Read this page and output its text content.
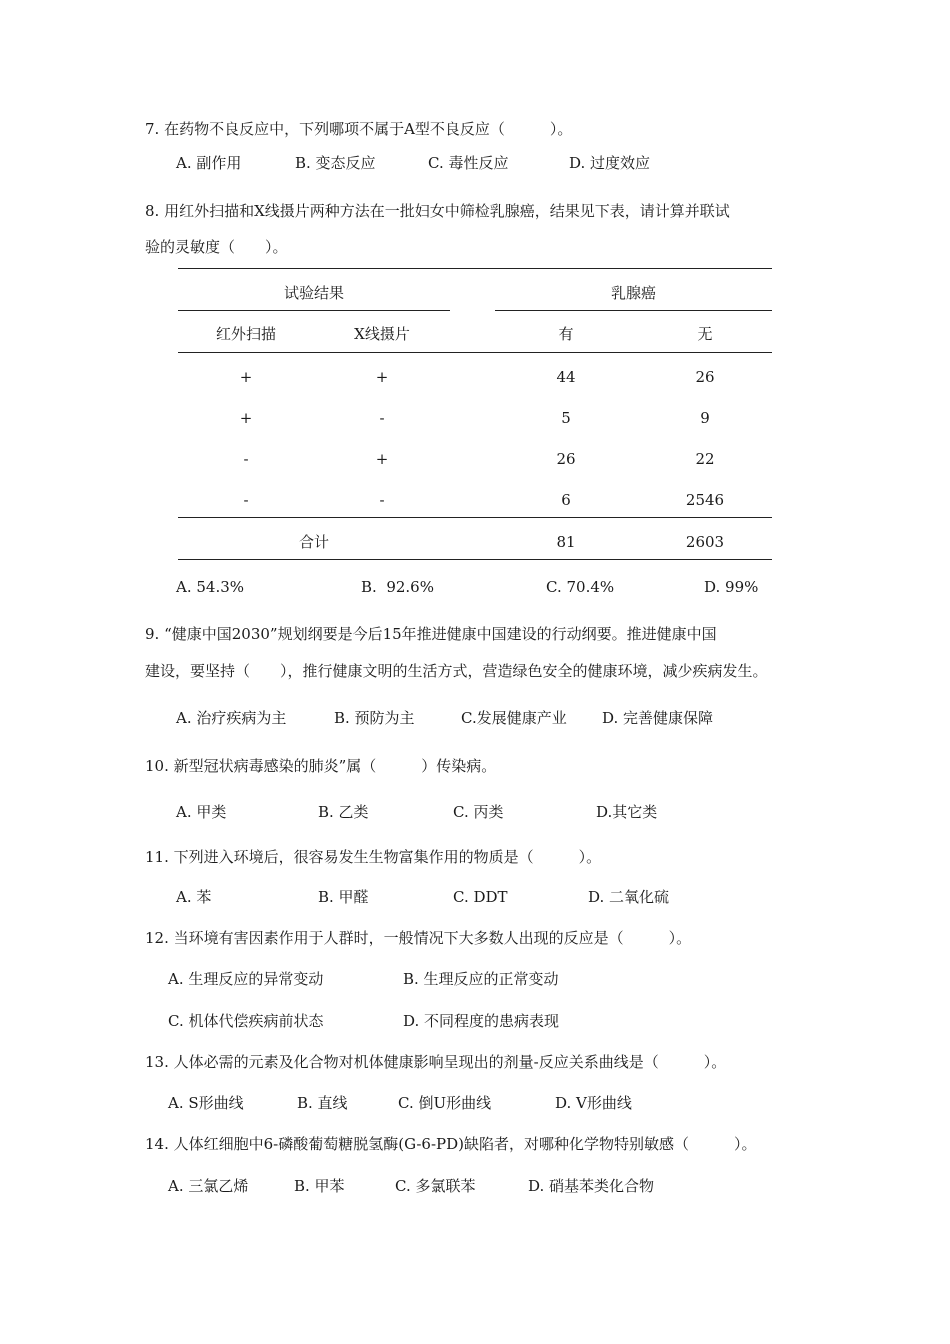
7. 在药物不良反应中，下列哪项不属于A型不良反应（　　　）。
A. 副作用	B. 变态反应	C. 毒性反应	D. 过度效应
8. 用红外扫描和X线摄片两种方法在一批妇女中筛检乳腺癌，结果见下表，请计算并联试
验的灵敏度（　　）。
试验结果	乳腺癌
红外扫描	X线摄片	有	无
+	+	44	26
+	-	5	9
-	+	26	22
-	-	6	2546
合计	81	2603
A. 54.3%	B.  92.6%	C. 70.4%	D. 99%
9. “健康中国2030”规划纲要是今后15年推进健康中国建设的行动纲要。推进健康中国
建设，要坚持（　　），推行健康文明的生活方式，营造绿色安全的健康环境，减少疾病发生。
A. 治疗疾病为主	B. 预防为主	C.发展健康产业 D. 完善健康保障
10. 新型冠状病毒感染的肺炎”属（　　　）传染病。
A. 甲类	B. 乙类	C. 丙类	D.其它类
11. 下列进入环境后，很容易发生生物富集作用的物质是（　　　）。
A. 苯	B. 甲醛	C. DDT	D. 二氧化硫
12. 当环境有害因素作用于人群时，一般情况下大多数人出现的反应是（　　　）。
A. 生理反应的异常变动	B. 生理反应的正常变动
C. 机体代偿疾病前状态	D. 不同程度的患病表现
13. 人体必需的元素及化合物对机体健康影响呈现出的剂量-反应关系曲线是（　　　）。
A. S形曲线	B. 直线	C. 倒U形曲线	D. V形曲线
14. 人体红细胞中6-磷酸葡萄糖脱氢酶(G-6-PD)缺陷者，对哪种化学物特别敏感（　　　）。
A. 三氯乙烯	B. 甲苯	C. 多氯联苯	D. 硝基苯类化合物
